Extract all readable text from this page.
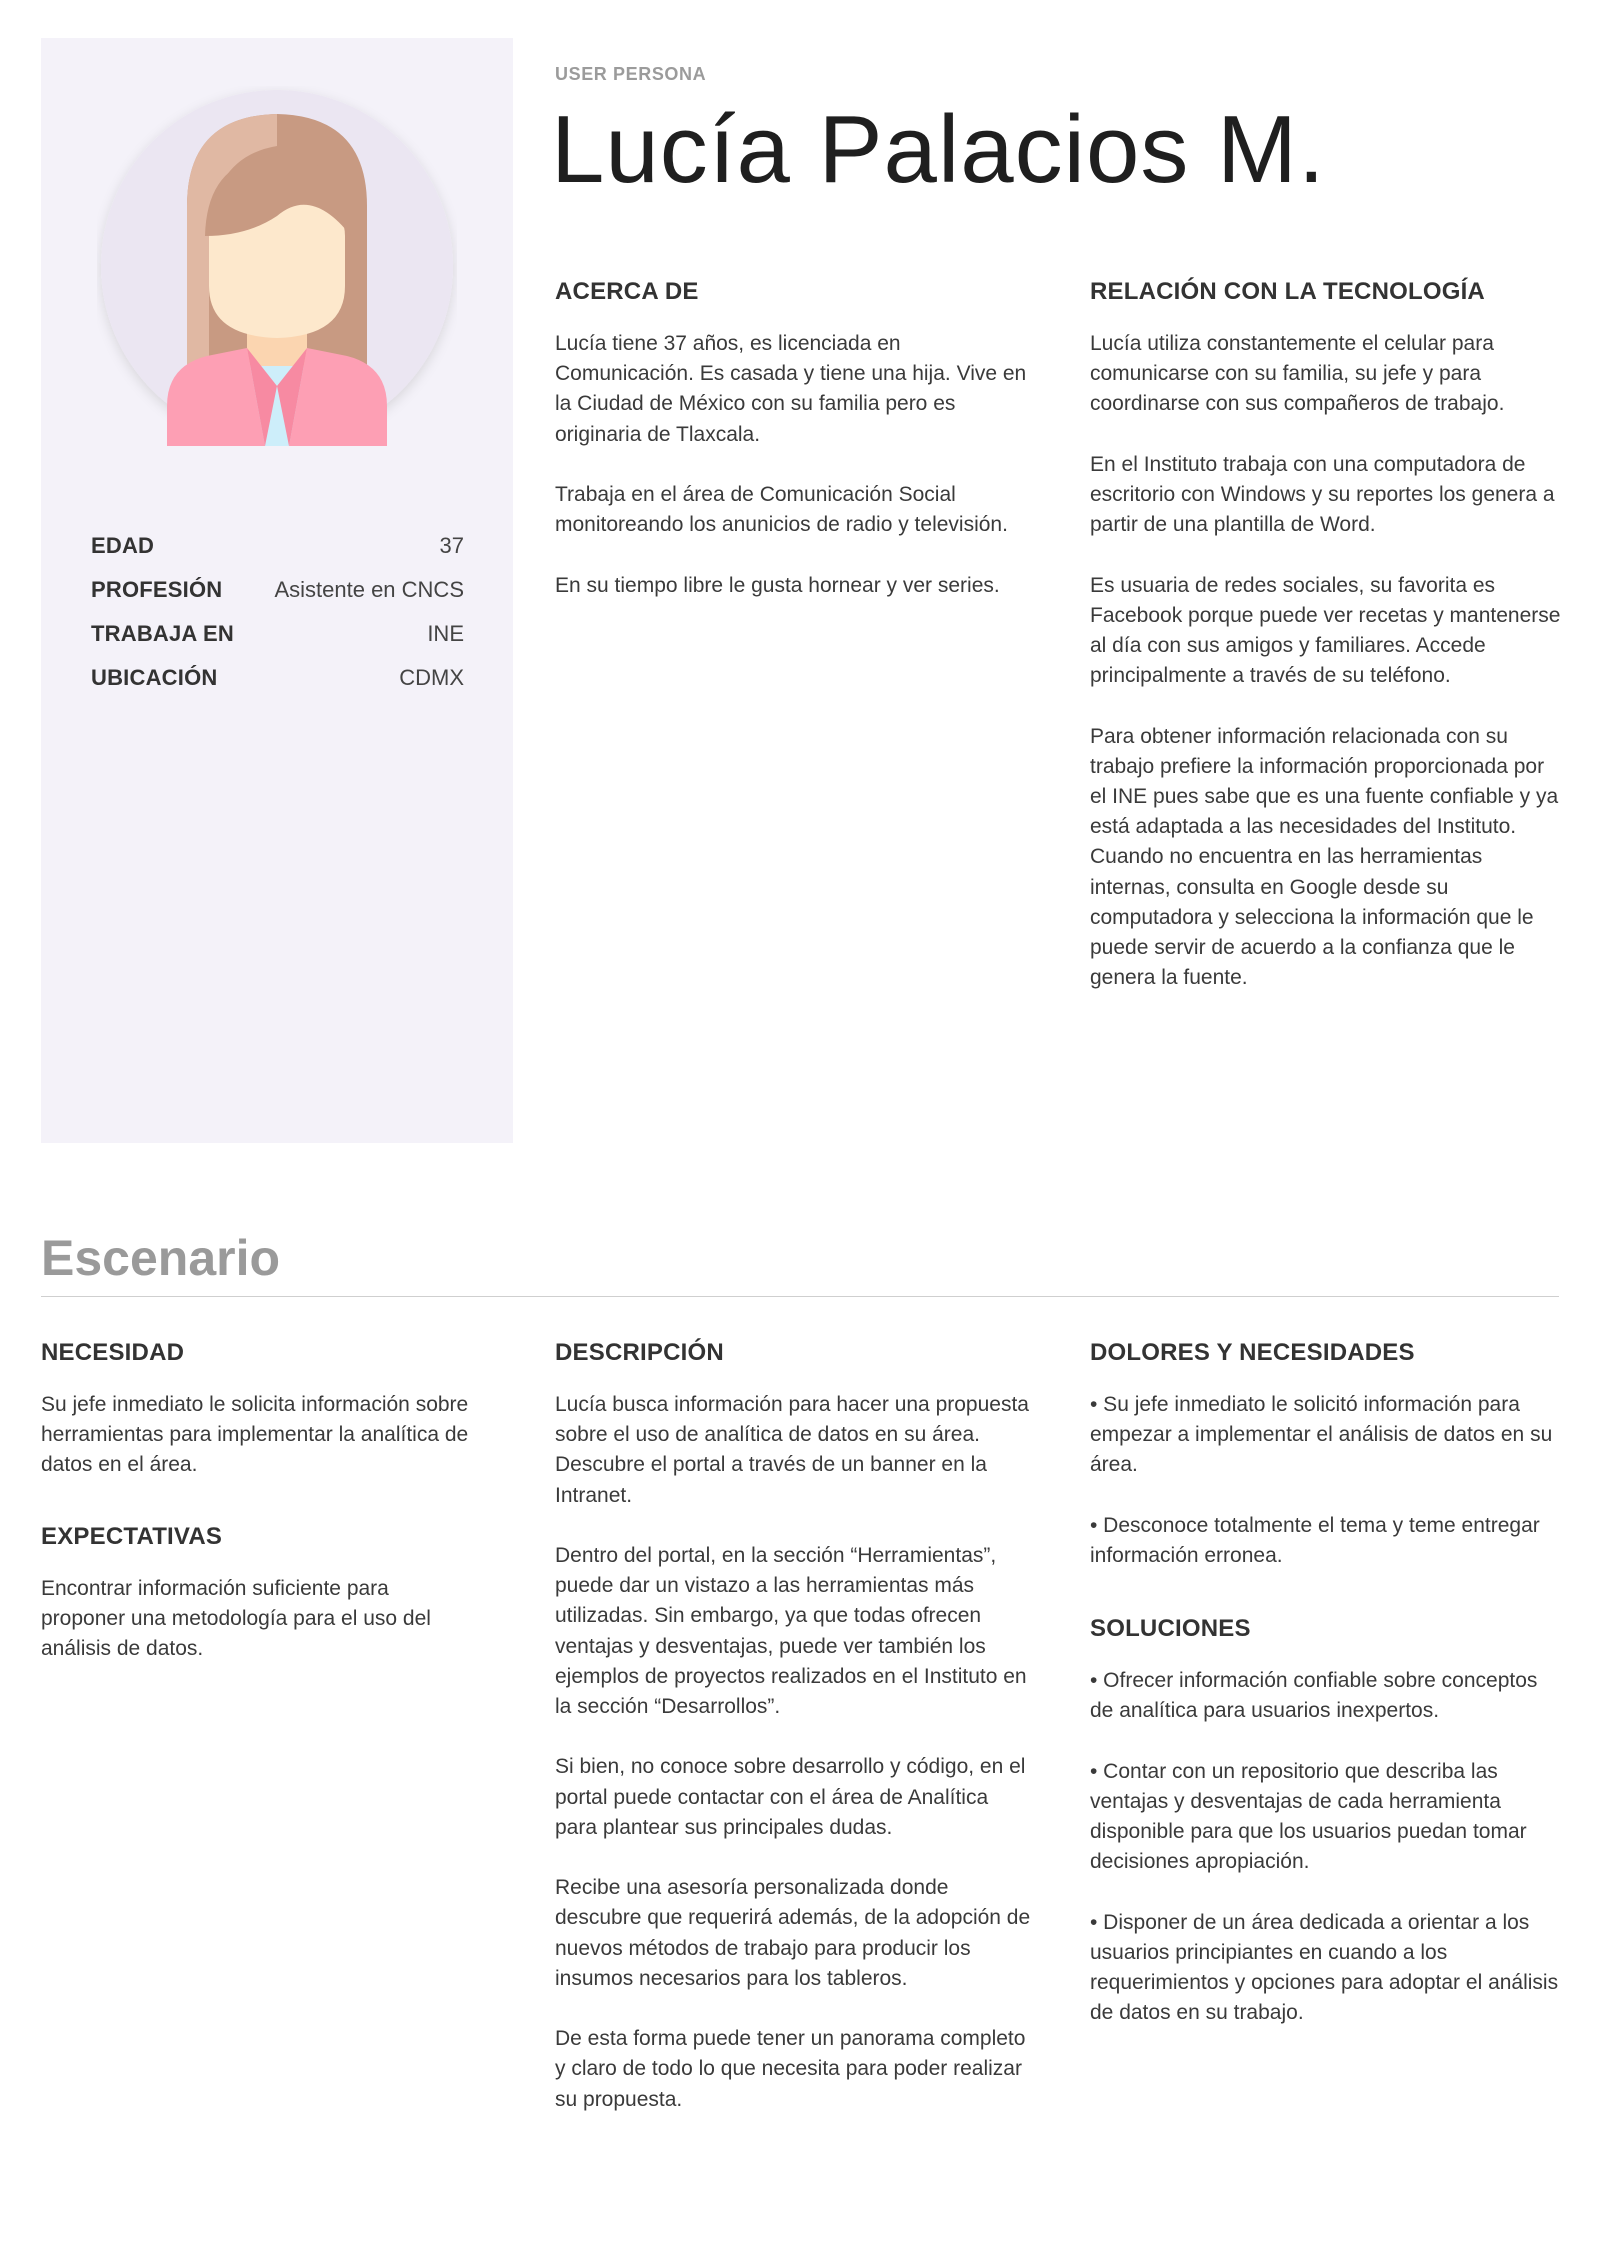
EDAD	37
PROFESIÓN Asistente en CNCS
TRABAJA EN	INE
UBICACIÓN	CDMX
USER PERSONA
Lucía Palacios M.
ACERCA DE

Lucía tiene 37 años, es licenciada en Comunicación. Es casada y tiene una hija. Vive en la Ciudad de México con su familia pero es originaria de Tlaxcala.

Trabaja en el área de Comunicación Social monitoreando los anunicios de radio y televisión.

En su tiempo libre le gusta hornear y ver series.

RELACIÓN CON LA TECNOLOGÍA

Lucía utiliza constantemente el celular para comunicarse con su familia, su jefe y para coordinarse con sus compañeros de trabajo.

En el Instituto trabaja con una computadora de escritorio con Windows y su reportes los genera a partir de una plantilla de Word.

Es usuaria de redes sociales, su favorita es Facebook porque puede ver recetas y mantenerse al día con sus amigos y familiares. Accede principalmente a través de su teléfono.

Para obtener información relacionada con su trabajo prefiere la información proporcionada por el INE pues sabe que es una fuente confiable y ya está adaptada a las necesidades del Instituto. Cuando no encuentra en las herramientas internas, consulta en Google desde su computadora y selecciona la información que le puede servir de acuerdo a la confianza que le genera la fuente.

Escenario
NECESIDAD

Su jefe inmediato le solicita información sobre herramientas para implementar la analítica de datos en el área.

EXPECTATIVAS

Encontrar información suficiente para proponer una metodología para el uso del análisis de datos.

DESCRIPCIÓN

Lucía busca información para hacer una propuesta sobre el uso de analítica de datos en su área. Descubre el portal a través de un banner en la Intranet.

Dentro del portal, en la sección “Herramientas”, puede dar un vistazo a las herramientas más utilizadas. Sin embargo, ya que todas ofrecen ventajas y desventajas, puede ver también los ejemplos de proyectos realizados en el Instituto en la sección “Desarrollos”.

Si bien, no conoce sobre desarrollo y código, en el portal puede contactar con el área de Analítica para plantear sus principales dudas.

Recibe una asesoría personalizada donde descubre que requerirá además, de la adopción de nuevos métodos de trabajo para producir los insumos necesarios para los tableros.

De esta forma puede tener un panorama completo y claro de todo lo que necesita para poder realizar su propuesta.

DOLORES Y NECESIDADES

• Su jefe inmediato le solicitó información para empezar a implementar el análisis de datos en su área.

• Desconoce totalmente el tema y teme entregar información erronea.

SOLUCIONES

• Ofrecer información confiable sobre conceptos de analítica para usuarios inexpertos.

• Contar con un repositorio que describa las ventajas y desventajas de cada herramienta disponible para que los usuarios puedan tomar decisiones apropiación.

• Disponer de un área dedicada a orientar a los usuarios principiantes en cuando a los requerimientos y opciones para adoptar el análisis de datos en su trabajo.
